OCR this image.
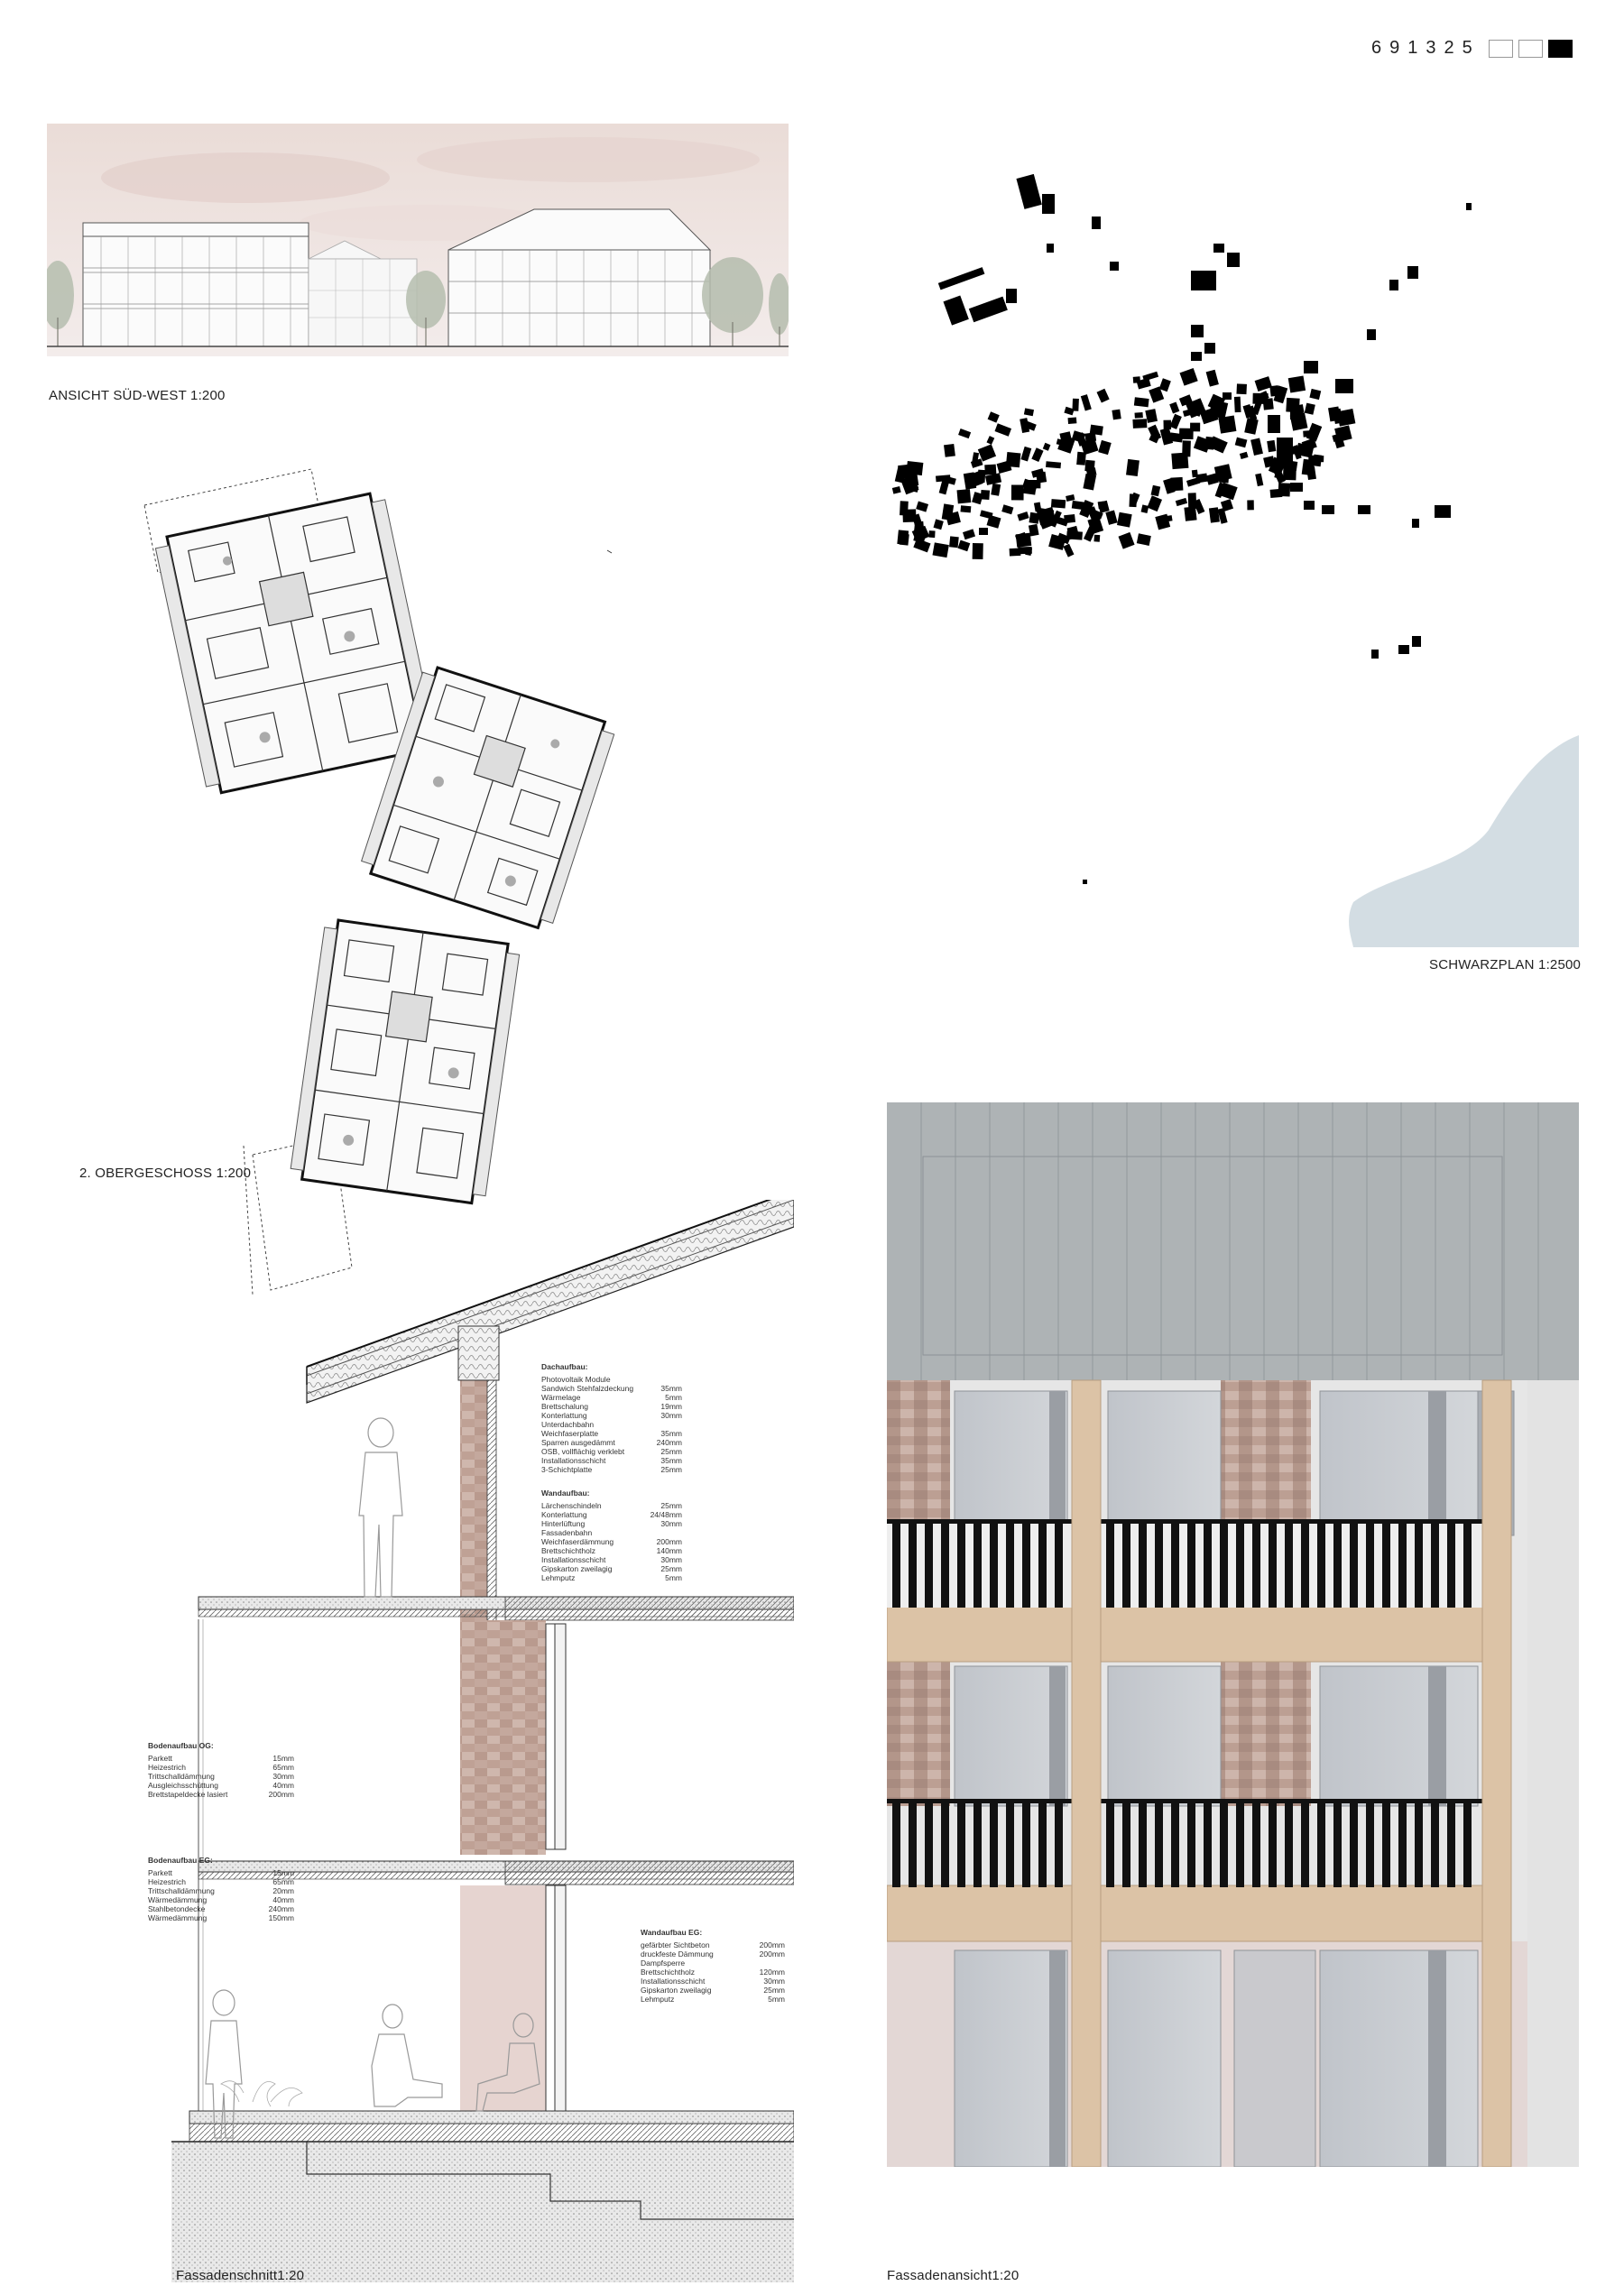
691325
ANSICHT SÜD-WEST 1:200
2. OBERGESCHOSS 1:200
SCHWARZPLAN 1:2500
Dachaufbau:
Photovoltaik Module
Sandwich Stehfalzdeckung	35mm
Wärmelage	5mm
Brettschalung	19mm
Konterlattung	30mm
Unterdachbahn
Weichfaserplatte	35mm
Sparren ausgedämmt	240mm
OSB, vollflächig verklebt	25mm
Installationsschicht	35mm
3-Schichtplatte	25mm
Wandaufbau:
Lärchenschindeln	25mm
Konterlattung	24/48mm
Hinterlüftung	30mm
Fassadenbahn
Weichfaserdämmung	200mm
Brettschichtholz	140mm
Installationsschicht	30mm
Gipskarton zweilagig	25mm
Lehmputz	5mm
Bodenaufbau OG:
Parkett	15mm
Heizestrich	65mm
Trittschalldämmung	30mm
Ausgleichsschüttung	40mm
Brettstapeldecke lasiert	200mm
Bodenaufbau EG:
Parkett	15mm
Heizestrich	65mm
Trittschalldämmung	20mm
Wärmedämmung	40mm
Stahlbetondecke	240mm
Wärmedämmung	150mm
Wandaufbau EG:
gefärbter Sichtbeton	200mm
druckfeste Dämmung	200mm
Dampfsperre
Brettschichtholz	120mm
Installationsschicht	30mm
Gipskarton zweilagig	25mm
Lehmputz	5mm
Fassadenschnitt1:20	Fassadenansicht1:20
